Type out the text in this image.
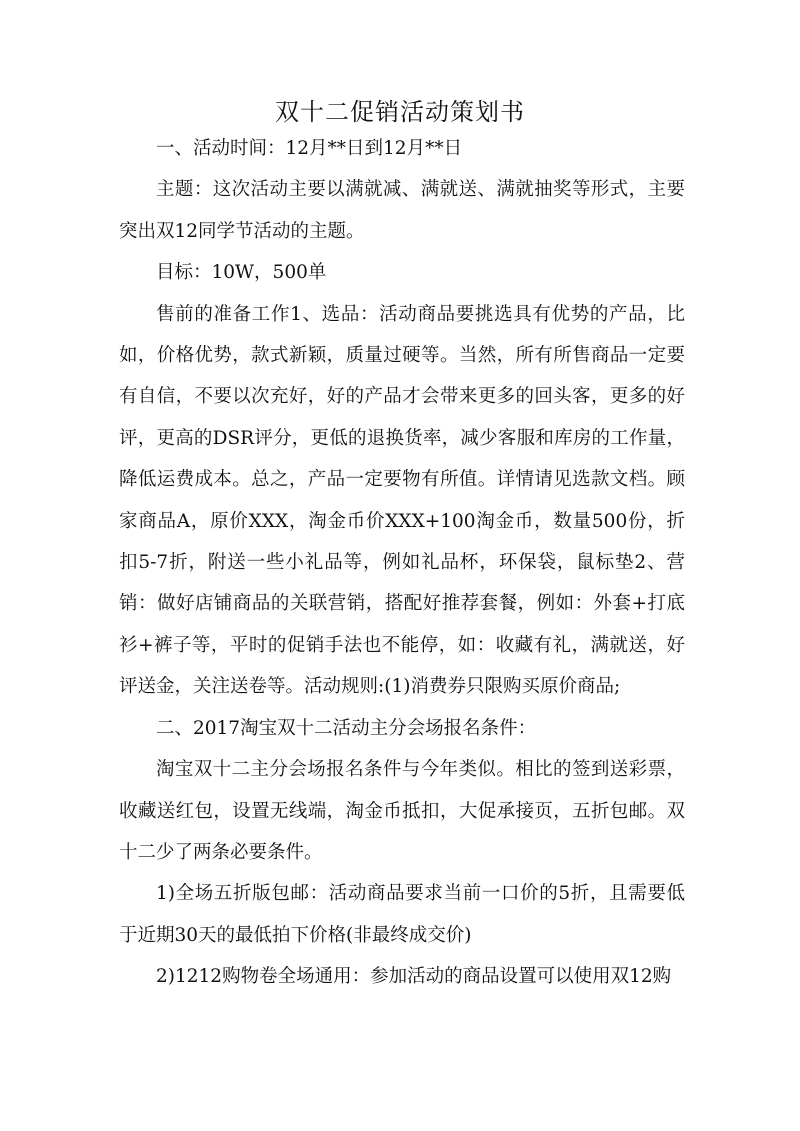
双十二促销活动策划书

一、活动时间：12月**日到12月**日

主题：这次活动主要以满就减、满就送、满就抽奖等形式，主要突出双12同学节活动的主题。

目标：10W，500单

售前的准备工作1、选品：活动商品要挑选具有优势的产品，比如，价格优势，款式新颖，质量过硬等。当然，所有所售商品一定要有自信，不要以次充好，好的产品才会带来更多的回头客，更多的好评，更高的DSR评分，更低的退换货率，减少客服和库房的工作量，降低运费成本。总之，产品一定要物有所值。详情请见选款文档。顾家商品A，原价XXX，淘金币价XXX+100淘金币，数量500份，折扣5-7折，附送一些小礼品等，例如礼品杯，环保袋，鼠标垫2、营销：做好店铺商品的关联营销，搭配好推荐套餐，例如：外套+打底衫+裤子等，平时的促销手法也不能停，如：收藏有礼，满就送，好评送金，关注送卷等。活动规则:(1)消费券只限购买原价商品;

二、2017淘宝双十二活动主分会场报名条件：

淘宝双十二主分会场报名条件与今年类似。相比的签到送彩票，收藏送红包，设置无线端，淘金币抵扣，大促承接页，五折包邮。双十二少了两条必要条件。

1)全场五折版包邮：活动商品要求当前一口价的5折，且需要低于近期30天的最低拍下价格(非最终成交价)

2)1212购物卷全场通用：参加活动的商品设置可以使用双12购
